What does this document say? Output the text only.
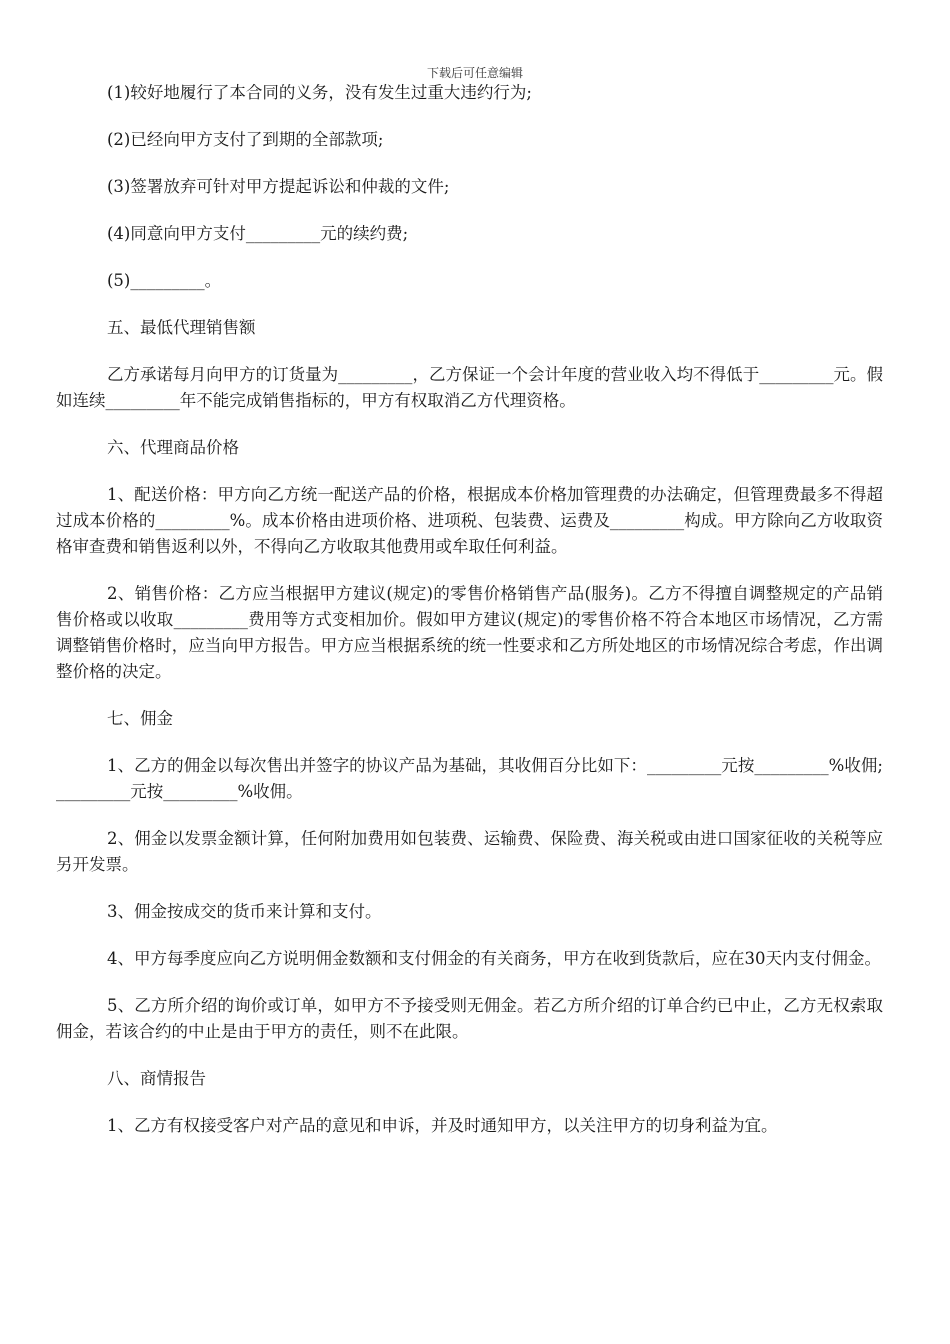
下载后可任意编辑

(1)较好地履行了本合同的义务，没有发生过重大违约行为;

(2)已经向甲方支付了到期的全部款项;

(3)签署放弃可针对甲方提起诉讼和仲裁的文件;

(4)同意向甲方支付_________元的续约费;

(5)_________。

五、最低代理销售额

乙方承诺每月向甲方的订货量为_________，乙方保证一个会计年度的营业收入均不得低于_________元。假如连续_________年不能完成销售指标的，甲方有权取消乙方代理资格。

六、代理商品价格

1、配送价格：甲方向乙方统一配送产品的价格，根据成本价格加管理费的办法确定，但管理费最多不得超过成本价格的_________%。成本价格由进项价格、进项税、包装费、运费及_________构成。甲方除向乙方收取资格审查费和销售返利以外，不得向乙方收取其他费用或牟取任何利益。

2、销售价格：乙方应当根据甲方建议(规定)的零售价格销售产品(服务)。乙方不得擅自调整规定的产品销售价格或以收取_________费用等方式变相加价。假如甲方建议(规定)的零售价格不符合本地区市场情况，乙方需调整销售价格时，应当向甲方报告。甲方应当根据系统的统一性要求和乙方所处地区的市场情况综合考虑，作出调整价格的决定。

七、佣金

1、乙方的佣金以每次售出并签字的协议产品为基础，其收佣百分比如下：_________元按_________%收佣;_________元按_________%收佣。

2、佣金以发票金额计算，任何附加费用如包装费、运输费、保险费、海关税或由进口国家征收的关税等应另开发票。

3、佣金按成交的货币来计算和支付。

4、甲方每季度应向乙方说明佣金数额和支付佣金的有关商务，甲方在收到货款后，应在30天内支付佣金。

5、乙方所介绍的询价或订单，如甲方不予接受则无佣金。若乙方所介绍的订单合约已中止，乙方无权索取佣金，若该合约的中止是由于甲方的责任，则不在此限。

八、商情报告

1、乙方有权接受客户对产品的意见和申诉，并及时通知甲方，以关注甲方的切身利益为宜。
